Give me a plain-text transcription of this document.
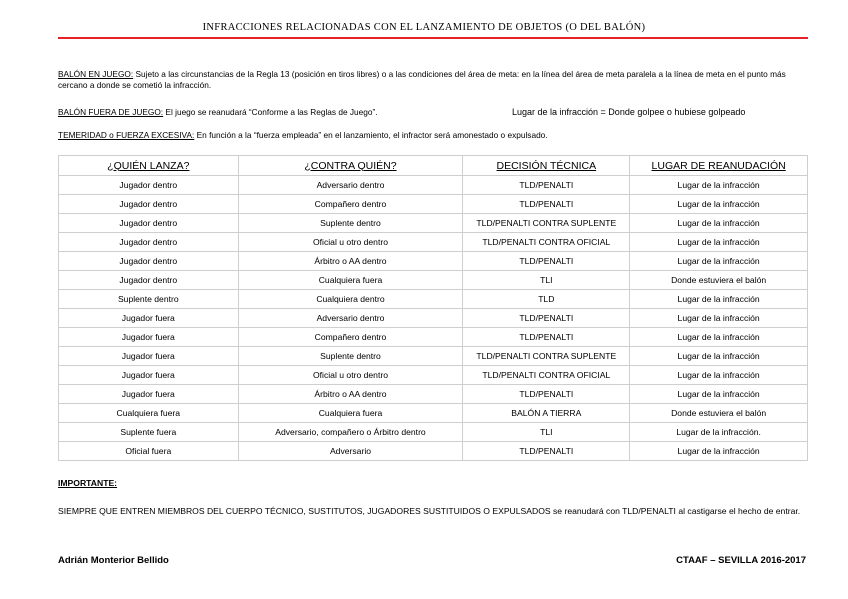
INFRACCIONES RELACIONADAS CON EL LANZAMIENTO DE OBJETOS (O DEL BALÓN)
BALÓN EN JUEGO: Sujeto a las circunstancias de la Regla 13 (posición en tiros libres) o a las condiciones del área de meta: en la línea del área de meta paralela a la línea de meta en el punto más cercano a donde se cometió la infracción.
BALÓN FUERA DE JUEGO: El juego se reanudará “Conforme a las Reglas de Juego”.	Lugar de la infracción = Donde golpee o hubiese golpeado
TEMERIDAD o FUERZA EXCESIVA: En función a la “fuerza empleada” en el lanzamiento, el infractor será amonestado o expulsado.
¿QUIÉN LANZA?	¿CONTRA QUIÉN?	DECISIÓN TÉCNICA	LUGAR DE REANUDACIÓN
Jugador dentro	Adversario dentro	TLD/PENALTI	Lugar de la infracción
Jugador dentro	Compañero dentro	TLD/PENALTI	Lugar de la infracción
Jugador dentro	Suplente dentro	TLD/PENALTI CONTRA SUPLENTE	Lugar de la infracción
Jugador dentro	Oficial u otro dentro	TLD/PENALTI CONTRA OFICIAL	Lugar de la infracción
Jugador dentro	Árbitro o AA dentro	TLD/PENALTI	Lugar de la infracción
Jugador dentro	Cualquiera fuera	TLI	Donde estuviera el balón
Suplente dentro	Cualquiera dentro	TLD	Lugar de la infracción
Jugador fuera	Adversario dentro	TLD/PENALTI	Lugar de la infracción
Jugador fuera	Compañero dentro	TLD/PENALTI	Lugar de la infracción
Jugador fuera	Suplente dentro	TLD/PENALTI CONTRA SUPLENTE	Lugar de la infracción
Jugador fuera	Oficial u otro dentro	TLD/PENALTI CONTRA OFICIAL	Lugar de la infracción
Jugador fuera	Árbitro o AA dentro	TLD/PENALTI	Lugar de la infracción
Cualquiera fuera	Cualquiera fuera	BALÓN A TIERRA	Donde estuviera el balón
Suplente fuera	Adversario, compañero o Árbitro dentro	TLI	Lugar de la infracción.
Oficial fuera	Adversario	TLD/PENALTI	Lugar de la infracción
IMPORTANTE:
SIEMPRE QUE ENTREN MIEMBROS DEL CUERPO TÉCNICO, SUSTITUTOS, JUGADORES SUSTITUIDOS O EXPULSADOS se reanudará con TLD/PENALTI al castigarse el hecho de entrar.
Adrián Monterior Bellido	CTAAF – SEVILLA 2016-2017
